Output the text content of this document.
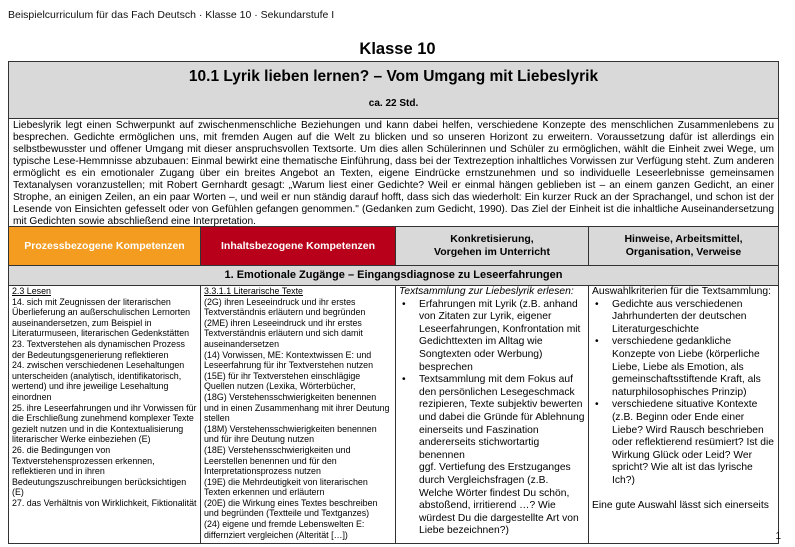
Beispielcurriculum für das Fach Deutsch · Klasse 10 · Sekundarstufe I
Klasse 10
10.1 Lyrik lieben lernen? – Vom Umgang mit Liebeslyrik
ca. 22 Std.
Liebeslyrik legt einen Schwerpunkt auf zwischenmenschliche Beziehungen und kann dabei helfen, verschiedene Konzepte des menschlichen Zusammenlebens zu besprechen. Gedichte ermöglichen uns, mit fremden Augen auf die Welt zu blicken und so unseren Horizont zu erweitern. Voraussetzung dafür ist allerdings ein selbstbewusster und offener Umgang mit dieser anspruchsvollen Textsorte. Um dies allen Schülerinnen und Schüler zu ermöglichen, wählt die Einheit zwei Wege, um typische Lese-Hemmnisse abzubauen: Einmal bewirkt eine thematische Einführung, dass bei der Textrezeption inhaltliches Vorwissen zur Verfügung steht. Zum anderen ermöglicht es ein emotionaler Zugang über ein breites Angebot an Texten, eigene Eindrücke ernstzunehmen und so individuelle Leseerlebnisse gemeinsamen Textanalysen voranzustellen; mit Robert Gernhardt gesagt: „Warum liest einer Gedichte? Weil er einmal hängen geblieben ist – an einem ganzen Gedicht, an einer Strophe, an einigen Zeilen, an ein paar Worten –, und weil er nun ständig darauf hofft, dass sich das wiederholt: Ein kurzer Ruck an der Sprachangel, und schon ist der Lesende von Einsichten gefesselt oder von Gefühlen gefangen genommen." (Gedanken zum Gedicht, 1990). Das Ziel der Einheit ist die inhaltliche Auseinandersetzung mit Gedichten sowie abschließend eine Interpretation.
Prozessbezogene Kompetenzen	Inhaltsbezogene Kompetenzen
Konkretisierung,
Vorgehen im Unterricht
Hinweise, Arbeitsmittel,
Organisation, Verweise
1. Emotionale Zugänge – Eingangsdiagnose zu Leseerfahrungen
2.3 Lesen
14. sich mit Zeugnissen der literarischen Überlieferung an außerschulischen Lernorten auseinandersetzen, zum Beispiel in Literaturmuseen, literarischen Gedenkstätten
23. Textverstehen als dynamischen Prozess der Bedeutungsgenerierung reflektieren
24. zwischen verschiedenen Lesehaltungen unterscheiden (analytisch, identifikatorisch, wertend) und ihre jeweilige Lesehaltung einordnen
25. ihre Leseerfahrungen und ihr Vorwissen für die Erschließung zunehmend komplexer Texte gezielt nutzen und in die Kontextualisierung literarischer Werke einbeziehen (E)
26. die Bedingungen von Textverstehensprozessen erkennen, reflektieren und in ihren Bedeutungszuschreibungen berücksichtigen (E)
27. das Verhältnis von Wirklichkeit, Fiktionalität
3.3.1.1 Literarische Texte
(2G) ihren Leseeindruck und ihr erstes Textverständnis erläutern und begründen
(2ME) ihren Leseeindruck und ihr erstes Textverständnis erläutern und sich damit auseinandersetzen
(14) Vorwissen, ME: Kontextwissen E: und Leseerfahrung für ihr Textverstehen nutzen
(15E) für ihr Textverstehen einschlägige Quellen nutzen (Lexika, Wörterbücher,
(18G) Verstehensschwierigkeiten benennen und in einen Zusammenhang mit ihrer Deutung stellen
(18M) Verstehensschwierigkeiten benennen und für ihre Deutung nutzen
(18E) Verstehensschwierigkeiten und Leerstellen benennen und für den Interpretationsprozess nutzen
(19E) die Mehrdeutigkeit von literarischen Texten erkennen und erläutern
(20E) die Wirkung eines Textes beschreiben und begründen (Textteile und Textganzes)
(24) eigene und fremde Lebenswelten E: differnziert vergleichen (Alterität […])
Textsammlung zur Liebeslyrik erlesen:
• Erfahrungen mit Lyrik (z.B. anhand von Zitaten zur Lyrik, eigener Leseerfahrungen, Konfrontation mit Gedichttexten im Alltag wie Songtexten oder Werbung) besprechen
• Textsammlung mit dem Fokus auf den persönlichen Lesegeschmack rezipieren, Texte subjektiv bewerten und dabei die Gründe für Ablehnung einerseits und Faszination andererseits stichwortartig benennen
ggf. Vertiefung des Erstzuganges durch Vergleichsfragen (z.B. Welche Wörter findest Du schön, abstoßend, irritierend …? Wie würdest Du die dargestellte Art von Liebe bezeichnen?)
Auswahlkriterien für die Textsammlung:
• Gedichte aus verschiedenen Jahrhunderten der deutschen Literaturgeschichte
• verschiedene gedankliche Konzepte von Liebe (körperliche Liebe, Liebe als Emotion, als gemeinschaftsstiftende Kraft, als naturphilosophisches Prinzip)
• verschiedene situative Kontexte (z.B. Beginn oder Ende einer Liebe? Wird Rausch beschrieben oder reflektierend resümiert? Ist die Wirkung Glück oder Leid? Wer spricht? Wie alt ist das lyrische Ich?)
Eine gute Auswahl lässt sich einerseits
1
